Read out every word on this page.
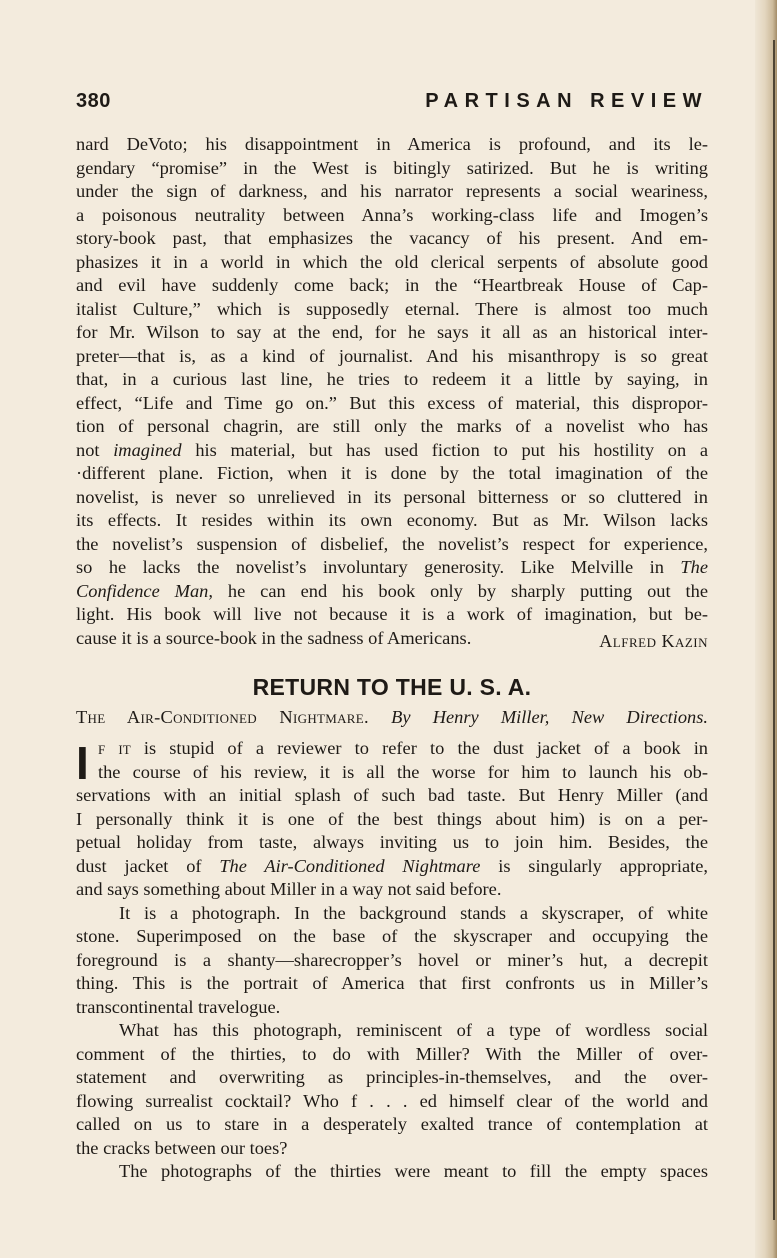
380	PARTISAN REVIEW
nard DeVoto; his disappointment in America is profound, and its le-
gendary “promise” in the West is bitingly satirized. But he is writing
under the sign of darkness, and his narrator represents a social weariness,
a poisonous neutrality between Anna’s working-class life and Imogen’s
story-book past, that emphasizes the vacancy of his present. And em-
phasizes it in a world in which the old clerical serpents of absolute good
and evil have suddenly come back; in the “Heartbreak House of Cap-
italist Culture,” which is supposedly eternal. There is almost too much
for Mr. Wilson to say at the end, for he says it all as an historical inter-
preter—that is, as a kind of journalist. And his misanthropy is so great
that, in a curious last line, he tries to redeem it a little by saying, in
effect, “Life and Time go on.” But this excess of material, this dispropor-
tion of personal chagrin, are still only the marks of a novelist who has
not imagined his material, but has used fiction to put his hostility on a
·different plane. Fiction, when it is done by the total imagination of the
novelist, is never so unrelieved in its personal bitterness or so cluttered in
its effects. It resides within its own economy. But as Mr. Wilson lacks
the novelist’s suspension of disbelief, the novelist’s respect for experience,
so he lacks the novelist’s involuntary generosity. Like Melville in The
Confidence Man, he can end his book only by sharply putting out the
light. His book will live not because it is a work of imagination, but be-
cause it is a source-book in the sadness of Americans.	Alfred Kazin
RETURN TO THE U. S. A.
The Air-Conditioned Nightmare. By Henry Miller, New Directions.
I f it is stupid of a reviewer to refer to the dust jacket of a book in
the course of his review, it is all the worse for him to launch his ob-
servations with an initial splash of such bad taste. But Henry Miller (and
I personally think it is one of the best things about him) is on a per-
petual holiday from taste, always inviting us to join him. Besides, the
dust jacket of The Air-Conditioned Nightmare is singularly appropriate,
and says something about Miller in a way not said before.
It is a photograph. In the background stands a skyscraper, of white
stone. Superimposed on the base of the skyscraper and occupying the
foreground is a shanty—sharecropper’s hovel or miner’s hut, a decrepit
thing. This is the portrait of America that first confronts us in Miller’s
transcontinental travelogue.
What has this photograph, reminiscent of a type of wordless social
comment of the thirties, to do with Miller? With the Miller of over-
statement and overwriting as principles-in-themselves, and the over-
flowing surrealist cocktail? Who f . . . ed himself clear of the world and
called on us to stare in a desperately exalted trance of contemplation at
the cracks between our toes?
The photographs of the thirties were meant to fill the empty spaces
